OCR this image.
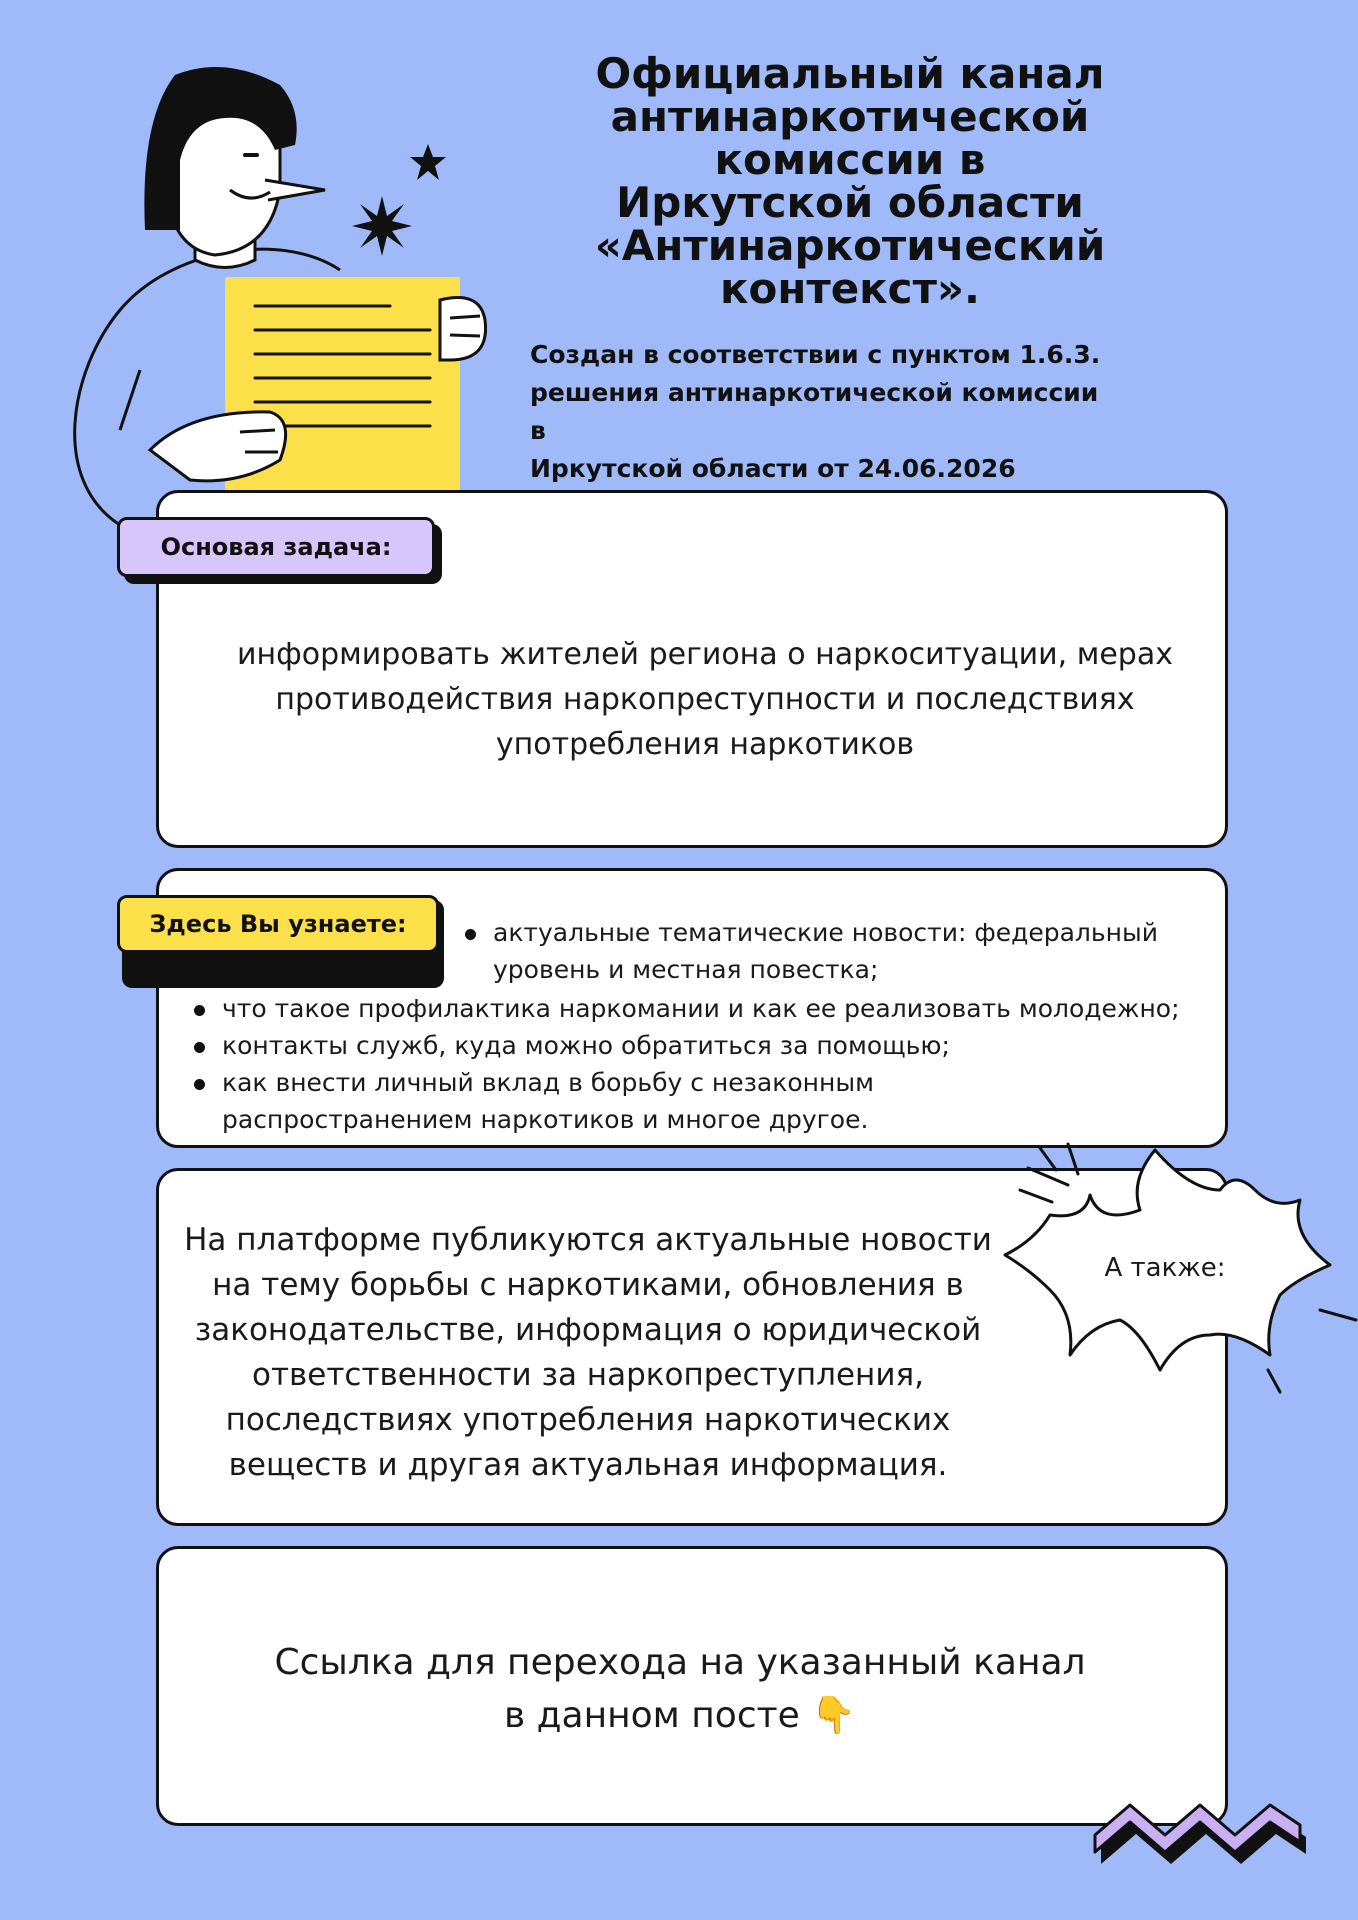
Официальный канал
антинаркотической
комиссии в
Иркутской области
«Антинаркотический
контекст».
Создан в соответствии с пунктом 1.6.3.
решения антинаркотической комиссии в
Иркутской области от 24.06.2026
Основая задача:
информировать жителей региона о наркоситуации, мерах
противодействия наркопреступности и последствиях
употребления наркотиков
Здесь Вы узнаете:	актуальные тематические новости: федеральный
уровень и местная повестка;
что такое профилактика наркомании и как ее реализовать молодежно;
контакты служб, куда можно обратиться за помощью;
как внести личный вклад в борьбу с незаконным распространением наркотиков и многое другое.
На платформе публикуются актуальные новости
на тему борьбы с наркотиками, обновления в
законодательстве, информация о юридической
ответственности за наркопреступления,
последствиях употребления наркотических
веществ и другая актуальная информация.
А также:
Ссылка для перехода на указанный канал
в данном посте 👇
